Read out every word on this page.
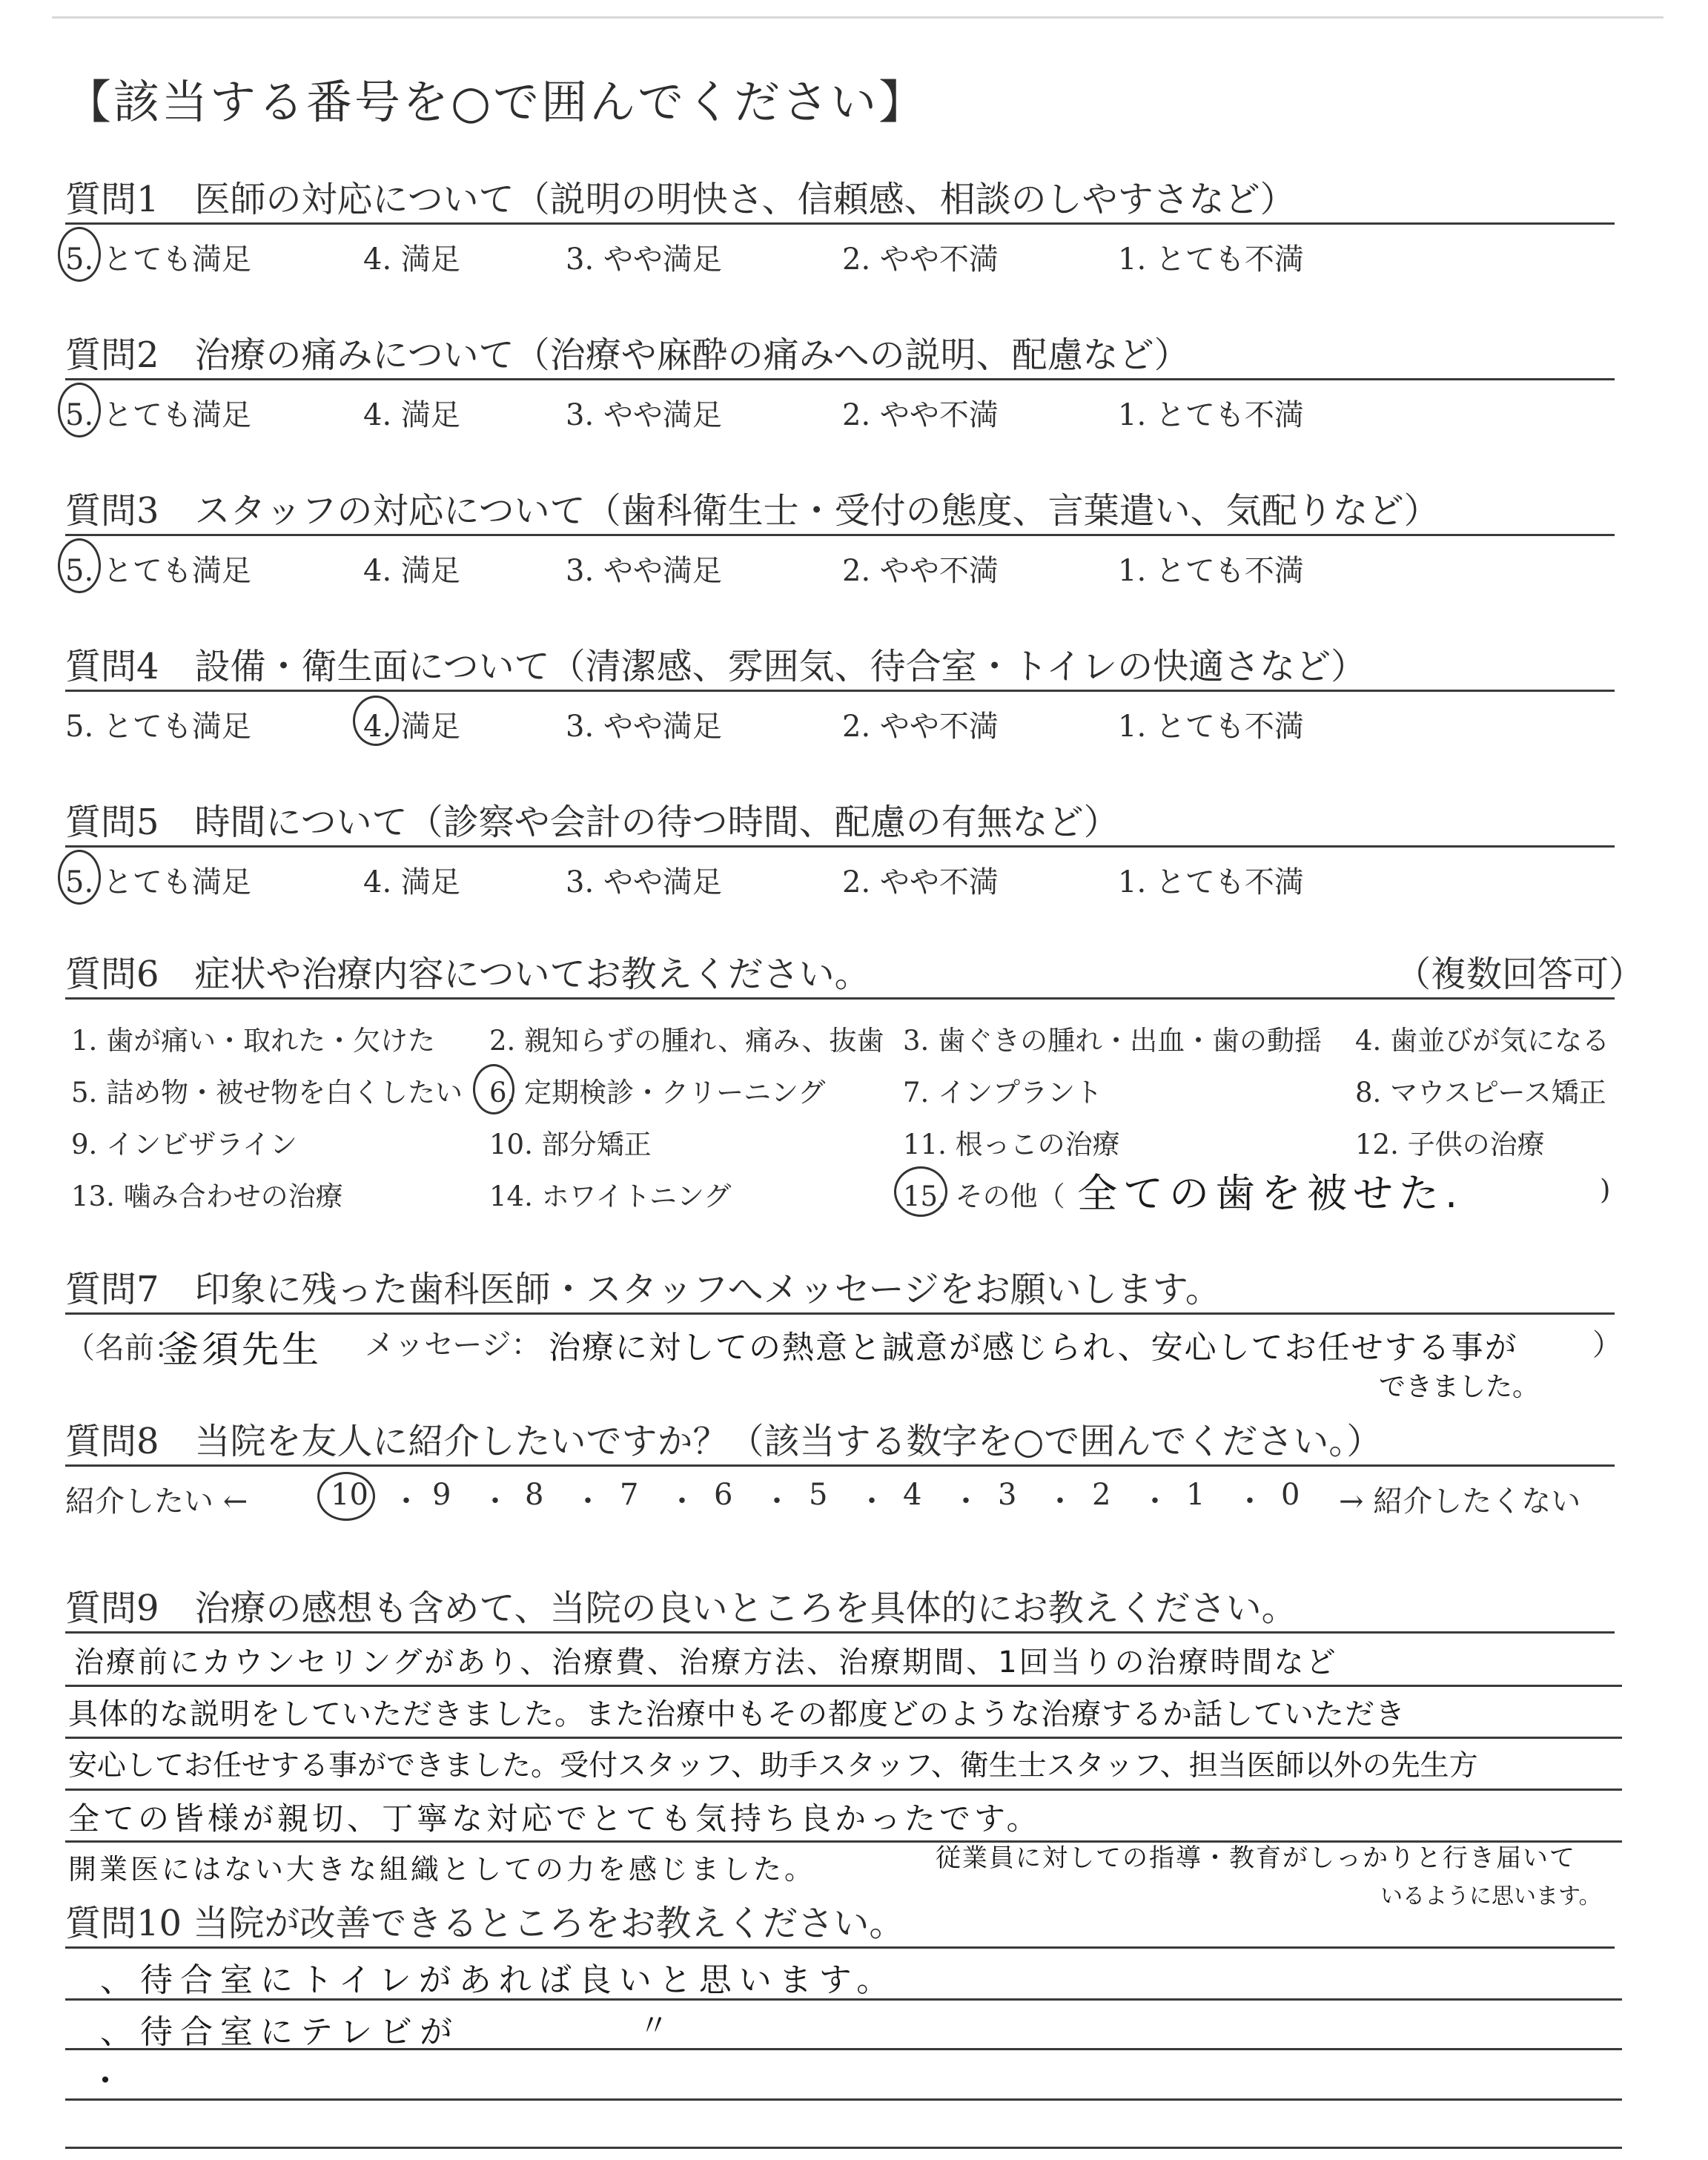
【該当する番号を○で囲んでください】
質問1　医師の対応について（説明の明快さ、信頼感、相談のしやすさなど）
5. とても満足	4. 満足	3. やや満足	2. やや不満	1. とても不満
質問2　治療の痛みについて（治療や麻酔の痛みへの説明、配慮など）
5. とても満足	4. 満足	3. やや満足	2. やや不満	1. とても不満
質問3　スタッフの対応について（歯科衛生士・受付の態度、言葉遣い、気配りなど）
5. とても満足	4. 満足	3. やや満足	2. やや不満	1. とても不満
質問4　設備・衛生面について（清潔感、雰囲気、待合室・トイレの快適さなど）
5. とても満足	4. 満足	3. やや満足	2. やや不満	1. とても不満
質問5　時間について（診察や会計の待つ時間、配慮の有無など）
5. とても満足	4. 満足	3. やや満足	2. やや不満	1. とても不満
質問6　症状や治療内容についてお教えください。	（複数回答可）
1. 歯が痛い・取れた・欠けた 2. 親知らずの腫れ、痛み、抜歯 3. 歯ぐきの腫れ・出血・歯の動揺 4. 歯並びが気になる
5. 詰め物・被せ物を白くしたい 6. 定期検診・クリーニング	7. インプラント	8. マウスピース矯正
9. インビザライン	10. 部分矯正	11. 根っこの治療	12. 子供の治療
13. 噛み合わせの治療	14. ホワイトニング	15. その他（ 全ての歯を被せた.	)
質問7　印象に残った歯科医師・スタッフへメッセージをお願いします。
（名前：
釜須先生 メッセージ： 治療に対しての熱意と誠意が感じられ、安心してお任せする事が	）
できました。
質問8　当院を友人に紹介したいですか？（該当する数字を○で囲んでください。）
紹介したい ←	10 ・ 9 ・ 8 ・ 7 ・ 6 ・ 5 ・ 4 ・ 3 ・ 2 ・ 1 ・ 0 → 紹介したくない
質問9　治療の感想も含めて、当院の良いところを具体的にお教えください。
治療前にカウンセリングがあり、治療費、治療方法、治療期間、1回当りの治療時間など
具体的な説明をしていただきました。また治療中もその都度どのような治療するか話していただき
安心してお任せする事ができました。受付スタッフ、助手スタッフ、衛生士スタッフ、担当医師以外の先生方
全ての皆様が親切、丁寧な対応でとても気持ち良かったです。
開業医にはない大きな組織としての力を感じました。	従業員に対しての指導・教育がしっかりと行き届いて
いるように思います。
質問10 当院が改善できるところをお教えください。
、待合室にトイレがあれば良いと思います。
、待合室にテレビが	〃
・
